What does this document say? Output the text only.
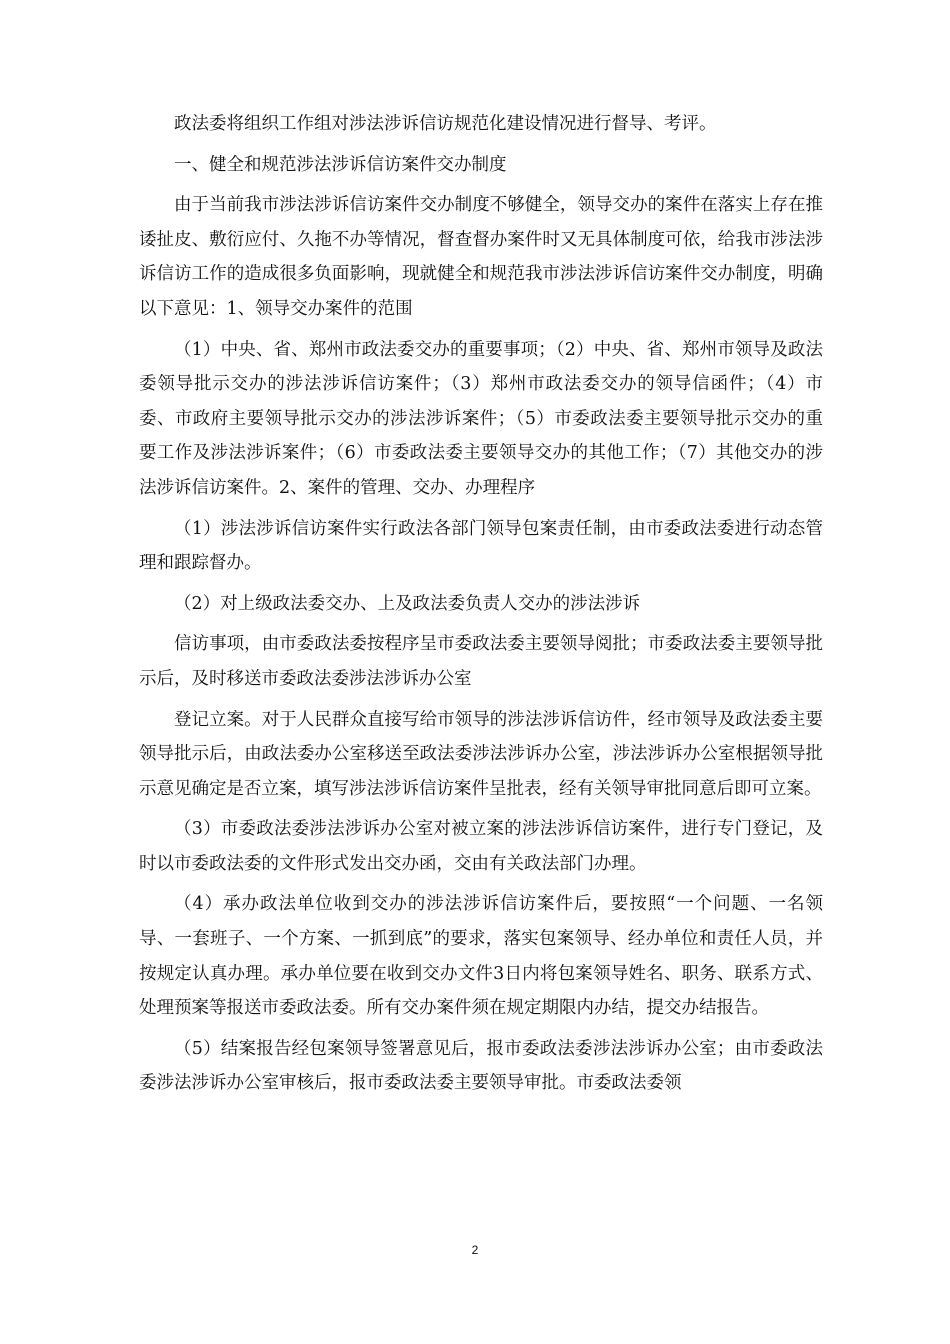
政法委将组织工作组对涉法涉诉信访规范化建设情况进行督导、考评。

一、健全和规范涉法涉诉信访案件交办制度

由于当前我市涉法涉诉信访案件交办制度不够健全，领导交办的案件在落实上存在推诿扯皮、敷衍应付、久拖不办等情况，督查督办案件时又无具体制度可依，给我市涉法涉诉信访工作的造成很多负面影响，现就健全和规范我市涉法涉诉信访案件交办制度，明确以下意见：1、领导交办案件的范围

（1）中央、省、郑州市政法委交办的重要事项；（2）中央、省、郑州市领导及政法委领导批示交办的涉法涉诉信访案件；（3）郑州市政法委交办的领导信函件；（4）市委、市政府主要领导批示交办的涉法涉诉案件；（5）市委政法委主要领导批示交办的重要工作及涉法涉诉案件；（6）市委政法委主要领导交办的其他工作；（7）其他交办的涉法涉诉信访案件。2、案件的管理、交办、办理程序

（1）涉法涉诉信访案件实行政法各部门领导包案责任制，由市委政法委进行动态管理和跟踪督办。

（2）对上级政法委交办、上及政法委负责人交办的涉法涉诉

信访事项，由市委政法委按程序呈市委政法委主要领导阅批；市委政法委主要领导批示后，及时移送市委政法委涉法涉诉办公室

登记立案。对于人民群众直接写给市领导的涉法涉诉信访件，经市领导及政法委主要领导批示后，由政法委办公室移送至政法委涉法涉诉办公室，涉法涉诉办公室根据领导批示意见确定是否立案，填写涉法涉诉信访案件呈批表，经有关领导审批同意后即可立案。

（3）市委政法委涉法涉诉办公室对被立案的涉法涉诉信访案件，进行专门登记，及时以市委政法委的文件形式发出交办函，交由有关政法部门办理。

（4）承办政法单位收到交办的涉法涉诉信访案件后，要按照“一个问题、一名领导、一套班子、一个方案、一抓到底”的要求，落实包案领导、经办单位和责任人员，并按规定认真办理。承办单位要在收到交办文件3日内将包案领导姓名、职务、联系方式、处理预案等报送市委政法委。所有交办案件须在规定期限内办结，提交办结报告。

（5）结案报告经包案领导签署意见后，报市委政法委涉法涉诉办公室；由市委政法委涉法涉诉办公室审核后，报市委政法委主要领导审批。市委政法委领

2
